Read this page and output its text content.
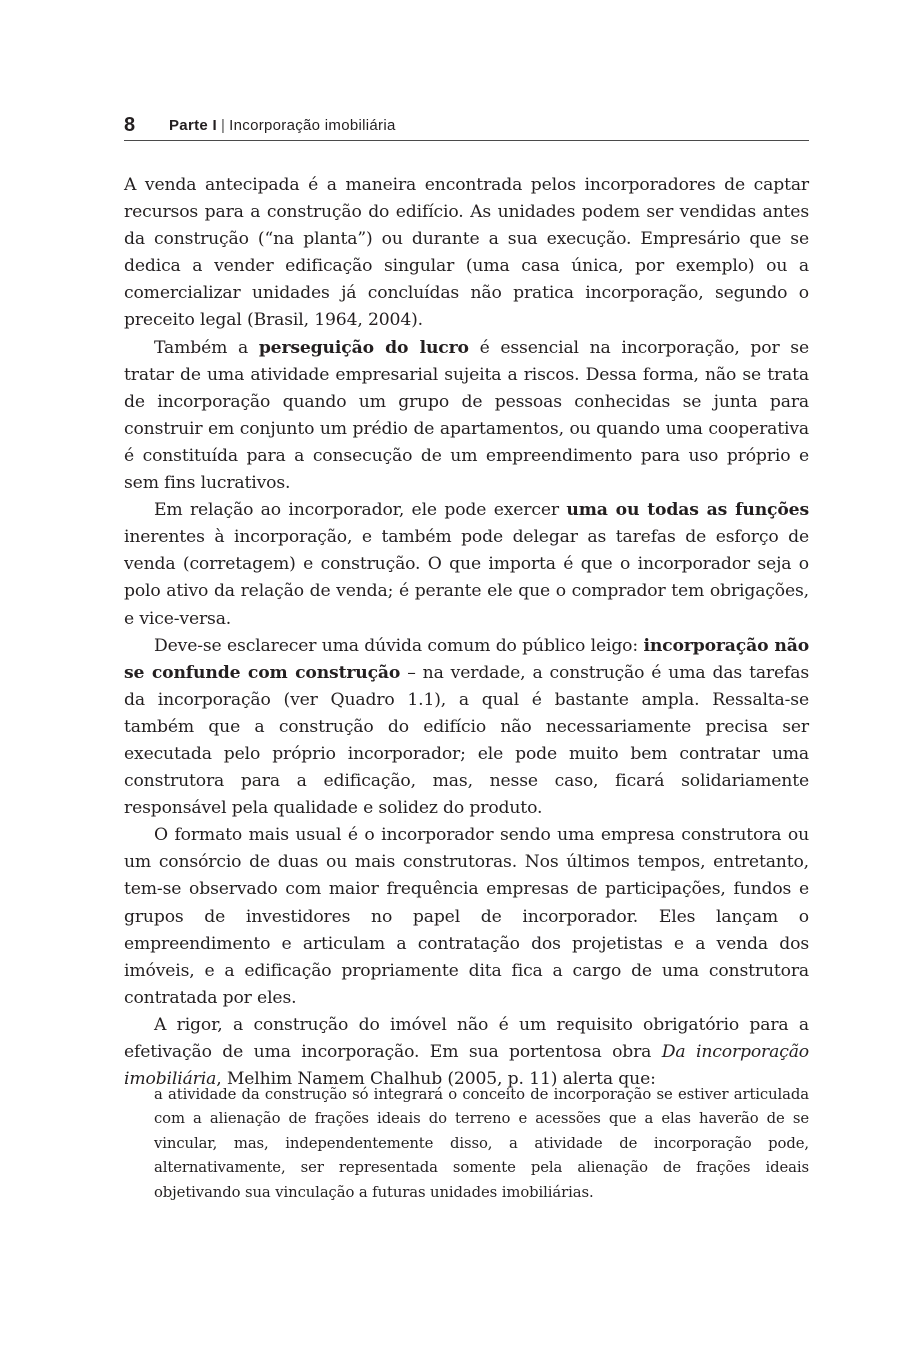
8 Parte I | Incorporação imobiliária

A venda antecipada é a maneira encontrada pelos incorporadores de captar recursos para a construção do edifício. As unidades podem ser vendidas antes da construção (“na planta”) ou durante a sua execução. Empresário que se dedica a vender edificação singular (uma casa única, por exemplo) ou a comercializar unidades já concluídas não pratica incorporação, segundo o preceito legal (Brasil, 1964, 2004).

Também a perseguição do lucro é essencial na incorporação, por se tratar de uma atividade empresarial sujeita a riscos. Dessa forma, não se trata de incorporação quando um grupo de pessoas conhecidas se junta para construir em conjunto um prédio de apartamentos, ou quando uma cooperativa é constituída para a consecução de um empreendimento para uso próprio e sem fins lucrativos.

Em relação ao incorporador, ele pode exercer uma ou todas as funções inerentes à incorporação, e também pode delegar as tarefas de esforço de venda (corretagem) e construção. O que importa é que o incorporador seja o polo ativo da relação de venda; é perante ele que o comprador tem obrigações, e vice-versa.

Deve-se esclarecer uma dúvida comum do público leigo: incorporação não se confunde com construção – na verdade, a construção é uma das tarefas da incorporação (ver Quadro 1.1), a qual é bastante ampla. Ressalta-se também que a construção do edifício não necessariamente precisa ser executada pelo próprio incorporador; ele pode muito bem contratar uma construtora para a edificação, mas, nesse caso, ficará solidariamente responsável pela qualidade e solidez do produto.

O formato mais usual é o incorporador sendo uma empresa construtora ou um consórcio de duas ou mais construtoras. Nos últimos tempos, entretanto, tem-se observado com maior frequência empresas de participações, fundos e grupos de investidores no papel de incorporador. Eles lançam o empreendimento e articulam a contratação dos projetistas e a venda dos imóveis, e a edificação propriamente dita fica a cargo de uma construtora contratada por eles.

A rigor, a construção do imóvel não é um requisito obrigatório para a efetivação de uma incorporação. Em sua portentosa obra Da incorporação imobiliária, Melhim Namem Chalhub (2005, p. 11) alerta que:

a atividade da construção só integrará o conceito de incorporação se estiver articulada com a alienação de frações ideais do terreno e acessões que a elas haverão de se vincular, mas, independentemente disso, a atividade de incorporação pode, alternativamente, ser representada somente pela alienação de frações ideais objetivando sua vinculação a futuras unidades imobiliárias.
